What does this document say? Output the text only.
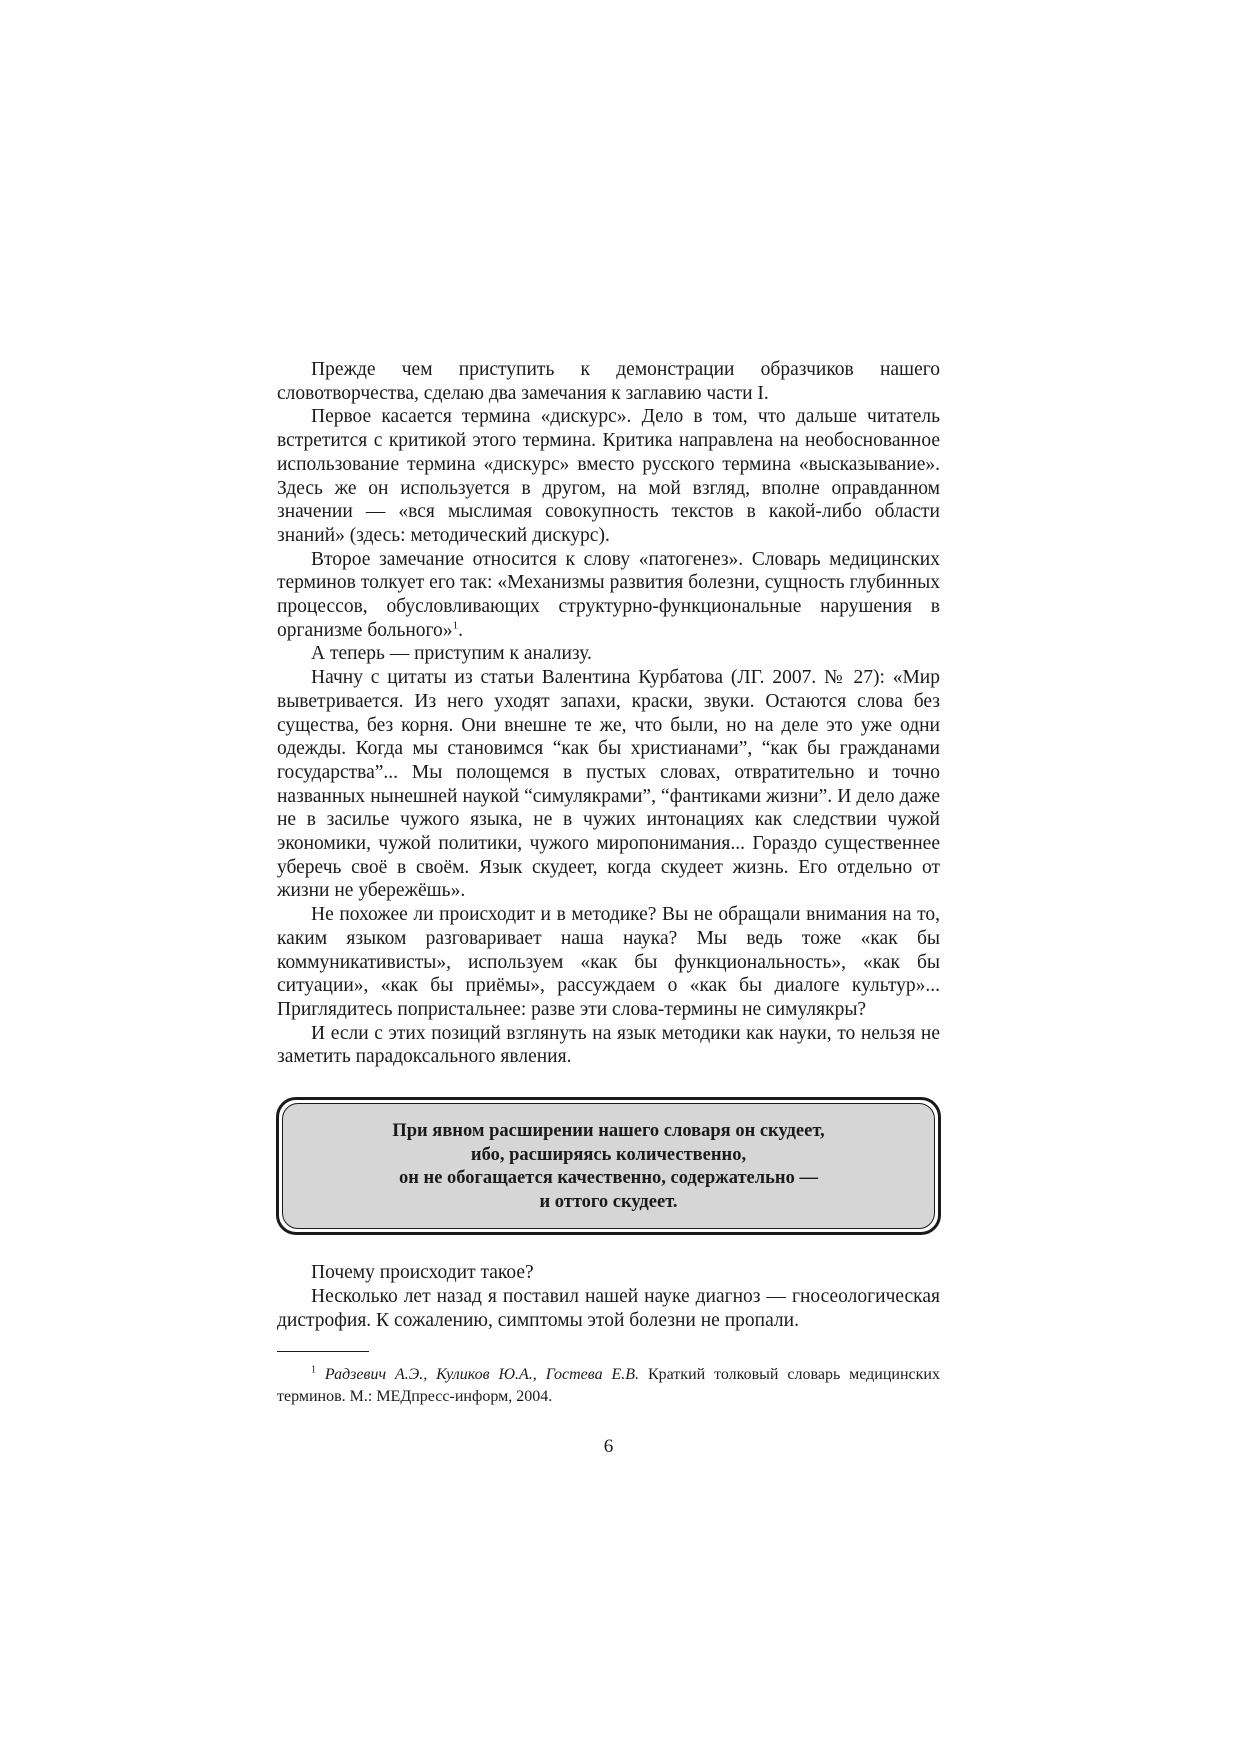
Прежде чем приступить к демонстрации образчиков нашего словотворчества, сделаю два замечания к заглавию части I.

Первое касается термина «дискурс». Дело в том, что дальше читатель встретится с критикой этого термина. Критика направлена на необоснованное использование термина «дискурс» вместо русского термина «высказывание». Здесь же он используется в другом, на мой взгляд, вполне оправданном значении — «вся мыслимая совокупность текстов в какой-либо области знаний» (здесь: методический дискурс).

Второе замечание относится к слову «патогенез». Словарь медицинских терминов толкует его так: «Механизмы развития болезни, сущность глубинных процессов, обусловливающих структурно-функциональные нарушения в организме больного»$^1$.

А теперь — приступим к анализу.

Начну с цитаты из статьи Валентина Курбатова (ЛГ. 2007. № 27): «Мир выветривается. Из него уходят запахи, краски, звуки. Остаются слова без существа, без корня. Они внешне те же, что были, но на деле это уже одни одежды. Когда мы становимся “как бы христианами”, “как бы гражданами государства”... Мы полощемся в пустых словах, отвратительно и точно названных нынешней наукой “симулякрами”, “фантиками жизни”. И дело даже не в засилье чужого языка, не в чужих интонациях как следствии чужой экономики, чужой политики, чужого миропонимания... Гораздо существеннее уберечь своё в своём. Язык скудеет, когда скудеет жизнь. Его отдельно от жизни не убережёшь».

Не похожее ли происходит и в методике? Вы не обращали внимания на то, каким языком разговаривает наша наука? Мы ведь тоже «как бы коммуникативисты», используем «как бы функциональность», «как бы ситуации», «как бы приёмы», рассуждаем о «как бы диалоге культур»... Приглядитесь попристальнее: разве эти слова-термины не симулякры?

И если с этих позиций взглянуть на язык методики как науки, то нельзя не заметить парадоксального явления.

При явном расширении нашего словаря он скудеет,
ибо, расширяясь количественно,
он не обогащается качественно, содержательно —
и оттого скудеет.

Почему происходит такое?

Несколько лет назад я поставил нашей науке диагноз — гносеологическая дистрофия. К сожалению, симптомы этой болезни не пропали.

$^1$ Радзевич А.Э., Куликов Ю.А., Гостева Е.В. Краткий толковый словарь медицинских терминов. М.: МЕДпресс-информ, 2004.

6
